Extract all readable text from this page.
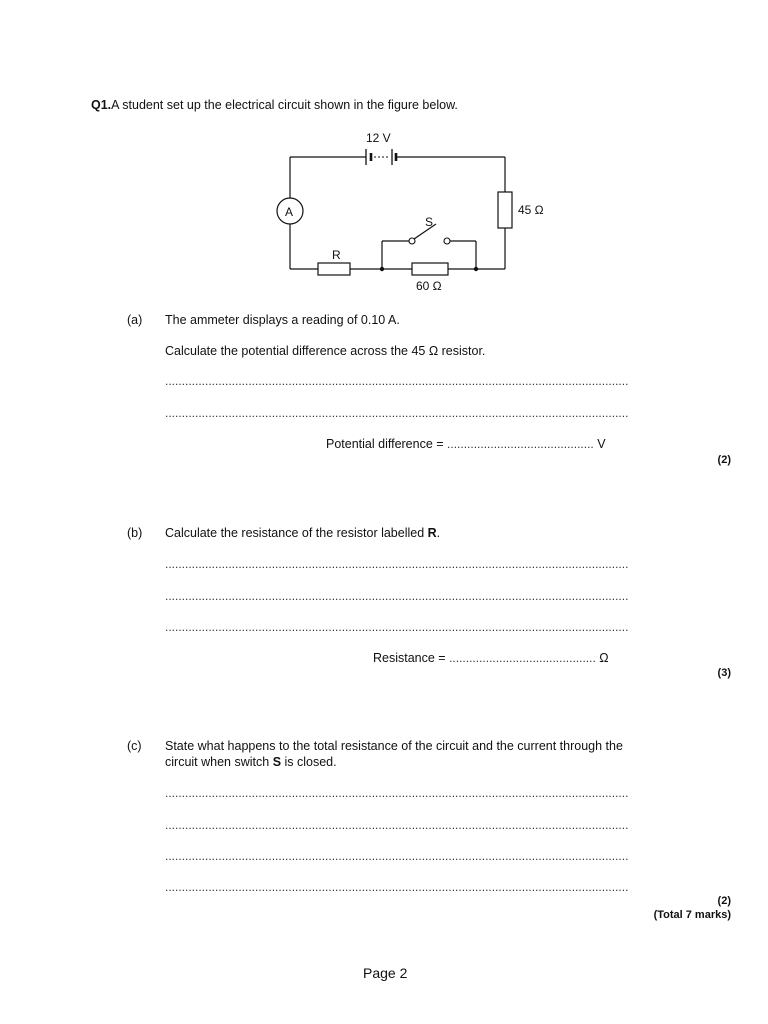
Q1.A student set up the electrical circuit shown in the figure below.
12 V
A	45 Ω
S
R
60 Ω
(a) The ammeter displays a reading of 0.10 A.
Calculate the potential difference across the 45 Ω resistor.
...........................................................................................................................................
...........................................................................................................................................
Potential difference = ............................................ V
(2)
(b) Calculate the resistance of the resistor labelled R.
...........................................................................................................................................
...........................................................................................................................................
...........................................................................................................................................
Resistance = ............................................ Ω
(3)
(c) State what happens to the total resistance of the circuit and the current through the
circuit when switch S is closed.
...........................................................................................................................................
...........................................................................................................................................
...........................................................................................................................................
...........................................................................................................................................
(2)
(Total 7 marks)
Page 2
